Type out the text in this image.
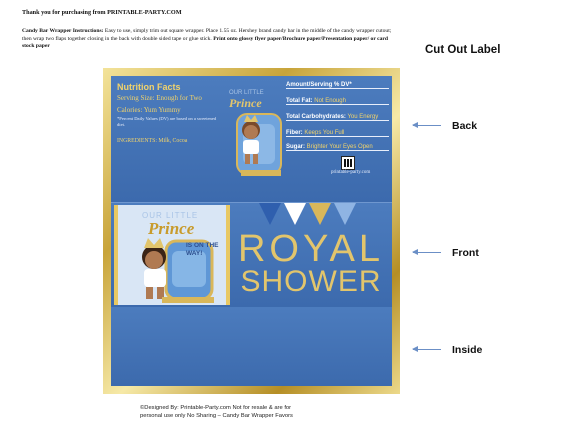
Thank you for purchasing from PRINTABLE-PARTY.COM
Candy Bar Wrapper Instructions: Easy to use, simply trim out square wrapper. Place 1.55 oz. Hershey brand candy bar in the middle of the candy wrapper cutout; then wrap two flaps together closing in the back with double sided tape or glue stick. Print onto glossy flyer paper/Brochure paper/Presentation paper/ or card stock paper	Cut Out Label
Back
Front
Inside
Nutrition Facts
Serving Size: Enough for Two
Calories: Yum Yummy
*Percent Daily Values (DV) are based on a sweetened diet.
INGREDIENTS: Milk, Cocoa
OUR LITTLE
Prince
Amount/Serving % DV*
Total Fat: Not Enough
Total Carbohydrates: You Energy
Fiber: Keeps You Full
Sugar: Brighter Your Eyes Open
printable-party.com
OUR LITTLE
Prince
IS ON THE WAY! ROYAL
SHOWER
©Designed By: Printable-Party.com Not for resale & are for
personal use only No Sharing – Candy Bar Wrapper Favors
